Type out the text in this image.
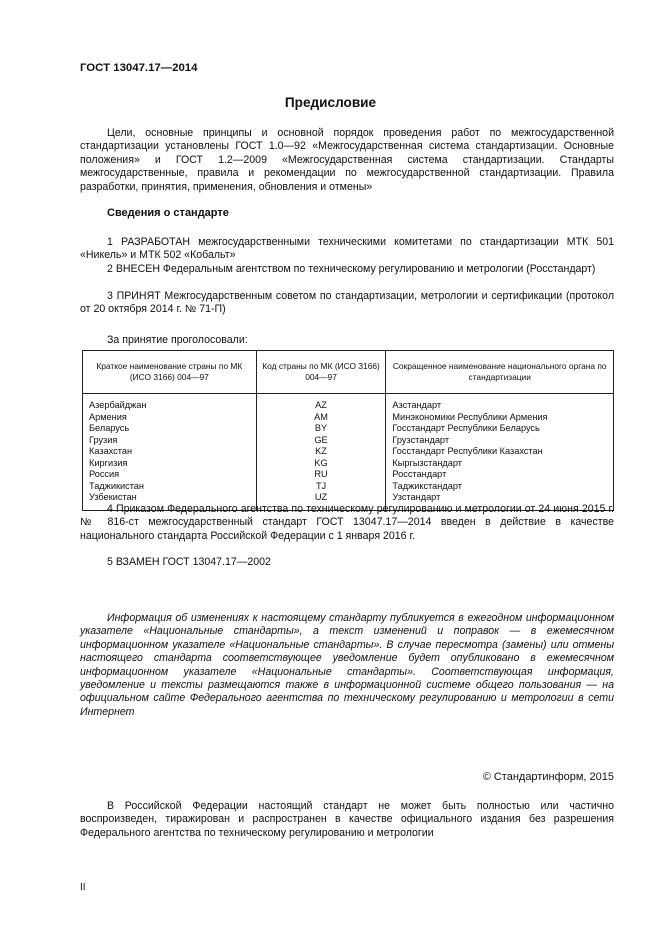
ГОСТ 13047.17—2014
Предисловие

Цели, основные принципы и основной порядок проведения работ по межгосударственной стандартизации установлены ГОСТ 1.0—92 «Межгосударственная система стандартизации. Основные положения» и ГОСТ 1.2—2009 «Межгосударственная система стандартизации. Стандарты межгосударственные, правила и рекомендации по межгосударственной стандартизации. Правила разработки, принятия, применения, обновления и отмены»

Сведения о стандарте

1 РАЗРАБОТАН межгосударственными техническими комитетами по стандартизации МТК 501 «Никель» и МТК 502 «Кобальт»

2 ВНЕСЕН Федеральным агентством по техническому регулированию и метрологии (Росстандарт)

3 ПРИНЯТ Межгосударственным советом по стандартизации, метрологии и сертификации (протокол от 20 октября 2014 г. № 71-П)

За принятие проголосовали:
Краткое наименование страны по МК (ИСО 3166) 004—97	Код страны по МК (ИСО 3166) 004—97	Сокращенное наименование национального органа по стандартизации
Азербайджан	AZ	Азстандарт
Армения	AM	Минэкономики Республики Армения
Беларусь	BY	Госстандарт Республики Беларусь
Грузия	GE	Грузстандарт
Казахстан	KZ	Госстандарт Республики Казахстан
Киргизия	KG	Кыргызстандарт
Россия	RU	Росстандарт
Таджикистан	TJ	Таджикстандарт
Узбекистан	UZ	Узстандарт

4 Приказом Федерального агентства по техническому регулированию и метрологии от 24 июня 2015 г. № 816-ст межгосударственный стандарт ГОСТ 13047.17—2014 введен в действие в качестве национального стандарта Российской Федерации с 1 января 2016 г.

5 ВЗАМЕН ГОСТ 13047.17—2002

Информация об изменениях к настоящему стандарту публикуется в ежегодном информационном указателе «Национальные стандарты», а текст изменений и поправок — в ежемесячном информационном указателе «Национальные стандарты». В случае пересмотра (замены) или отмены настоящего стандарта соответствующее уведомление будет опубликовано в ежемесячном информационном указателе «Национальные стандарты». Соответствующая информация, уведомление и тексты размещаются также в информационной системе общего пользования — на официальном сайте Федерального агентства по техническому регулированию и метрологии в сети Интернет

© Стандартинформ, 2015

В Российской Федерации настоящий стандарт не может быть полностью или частично воспроизведен, тиражирован и распространен в качестве официального издания без разрешения Федерального агентства по техническому регулированию и метрологии

II
